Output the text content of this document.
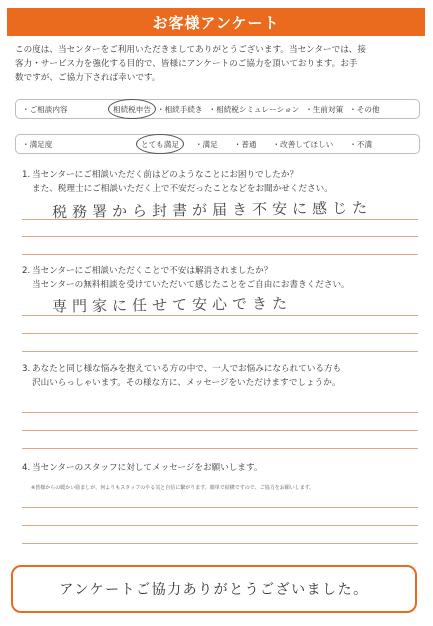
お客様アンケート
この度は、当センターをご利用いただきましてありがとうございます。当センターでは、接
客力・サービス力を強化する目的で、皆様にアンケートのご協力を頂いております。お手
数ですが、ご協力下されば幸いです。
・ご相談内容	相続税申告 ・相続手続き ・相続税シミュレーション ・生前対策 ・その他
・満足度	とても満足	・満足	・普通	・改善してほしい	・不満
1. 当センターにご相談いただく前はどのようなことにお困りでしたか？
また、税理士にご相談いただく上で不安だったことなどをお聞かせください。
税務署から封書が届き不安に感じた
2. 当センターにご相談いただくことで不安は解消されましたか？
当センターの無料相談を受けていただいて感じたことをご自由にお書きください。
専門家に任せて安心できた
3. あなたと同じ様な悩みを抱えている方の中で、一人でお悩みになられている方も
沢山いらっしゃいます。その様な方に、メッセージをいただけますでしょうか。
4. 当センターのスタッフに対してメッセージをお願いします。
※皆様からの暖かい励ましが、何よりもスタッフのやる気と自信に繋がります。簡単で結構ですので、ご協力をお願いします。
アンケートご協力ありがとうございました。
